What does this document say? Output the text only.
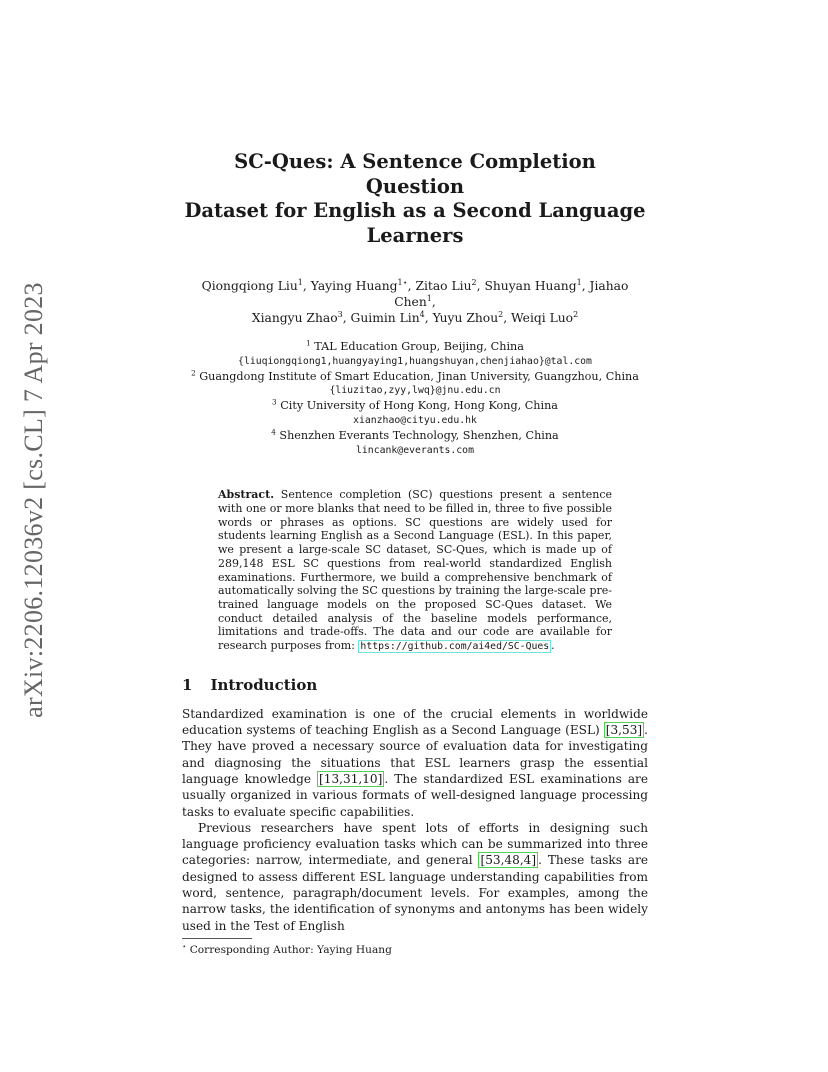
arXiv:2206.12036v2 [cs.CL] 7 Apr 2023
SC-Ques: A Sentence Completion Question
Dataset for English as a Second Language
Learners
Qiongqiong Liu$^1$, Yaying Huang$^{1⋆}$, Zitao Liu$^2$, Shuyan Huang$^1$, Jiahao Chen$^1$,
Xiangyu Zhao$^3$, Guimin Lin$^4$, Yuyu Zhou$^2$, Weiqi Luo$^2$
$^1$ TAL Education Group, Beijing, China
{liuqiongqiong1,huangyaying1,huangshuyan,chenjiahao}@tal.com
$^2$ Guangdong Institute of Smart Education, Jinan University, Guangzhou, China
{liuzitao,zyy,lwq}@jnu.edu.cn
$^3$ City University of Hong Kong, Hong Kong, China
xianzhao@cityu.edu.hk
$^4$ Shenzhen Everants Technology, Shenzhen, China
lincank@everants.com
Abstract. Sentence completion (SC) questions present a sentence with one or more blanks that need to be filled in, three to five possible words or phrases as options. SC questions are widely used for students learning English as a Second Language (ESL). In this paper, we present a large-scale SC dataset, SC-Ques, which is made up of 289,148 ESL SC questions from real-world standardized English examinations. Furthermore, we build a comprehensive benchmark of automatically solving the SC questions by training the large-scale pre-trained language models on the proposed SC-Ques dataset. We conduct detailed analysis of the baseline models performance, limitations and trade-offs. The data and our code are available for research purposes from: https://github.com/ai4ed/SC-Ques .
1 Introduction

Standardized examination is one of the crucial elements in worldwide education systems of teaching English as a Second Language (ESL) [3,53] . They have proved a necessary source of evaluation data for investigating and diagnosing the situations that ESL learners grasp the essential language knowledge [13,31,10] . The standardized ESL examinations are usually organized in various formats of well-designed language processing tasks to evaluate specific capabilities.

Previous researchers have spent lots of efforts in designing such language proficiency evaluation tasks which can be summarized into three categories: narrow, intermediate, and general [53,48,4] . These tasks are designed to assess different ESL language understanding capabilities from word, sentence, paragraph/document levels. For examples, among the narrow tasks, the identification of synonyms and antonyms has been widely used in the Test of English

⋆ Corresponding Author: Yaying Huang
